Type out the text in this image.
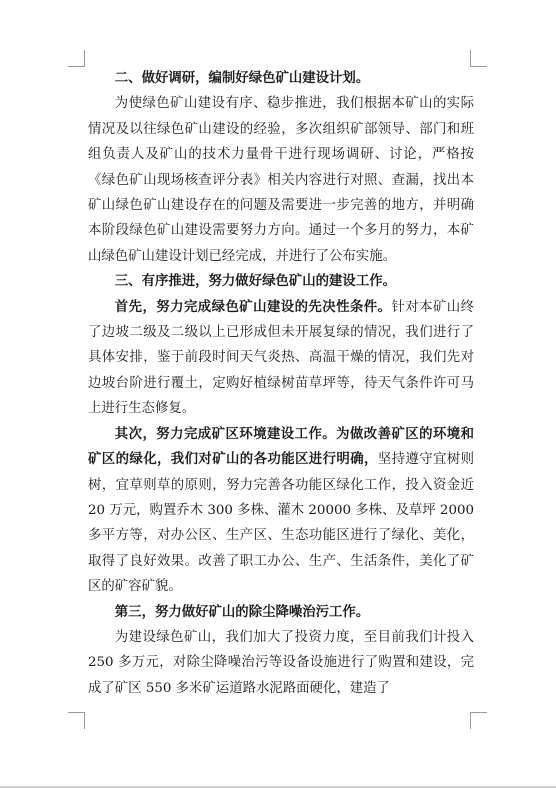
二、做好调研，编制好绿色矿山建设计划。

为使绿色矿山建设有序、稳步推进，我们根据本矿山的实际情况及以往绿色矿山建设的经验，多次组织矿部领导、部门和班组负责人及矿山的技术力量骨干进行现场调研、讨论，严格按《绿色矿山现场核查评分表》相关内容进行对照、查漏，找出本矿山绿色矿山建设存在的问题及需要进一步完善的地方，并明确本阶段绿色矿山建设需要努力方向。通过一个多月的努力，本矿山绿色矿山建设计划已经完成，并进行了公布实施。

三、有序推进，努力做好绿色矿山的建设工作。

首先，努力完成绿色矿山建设的先决性条件。针对本矿山终了边坡二级及二级以上已形成但未开展复绿的情况，我们进行了具体安排，鉴于前段时间天气炎热、高温干燥的情况，我们先对边坡台阶进行覆土，定购好植绿树苗草坪等，待天气条件许可马上进行生态修复。

其次，努力完成矿区环境建设工作。为做改善矿区的环境和矿区的绿化，我们对矿山的各功能区进行明确，坚持遵守宜树则树，宜草则草的原则，努力完善各功能区绿化工作，投入资金近 20 万元，购置乔木 300 多株、灌木 20000 多株、及草坪 2000 多平方等，对办公区、生产区、生态功能区进行了绿化、美化，取得了良好效果。改善了职工办公、生产、生活条件，美化了矿区的矿容矿貌。

第三，努力做好矿山的除尘降噪治污工作。

为建设绿色矿山，我们加大了投资力度，至目前我们计投入 250 多万元，对除尘降噪治污等设备设施进行了购置和建设，完成了矿区 550 多米矿运道路水泥路面硬化，建造了
